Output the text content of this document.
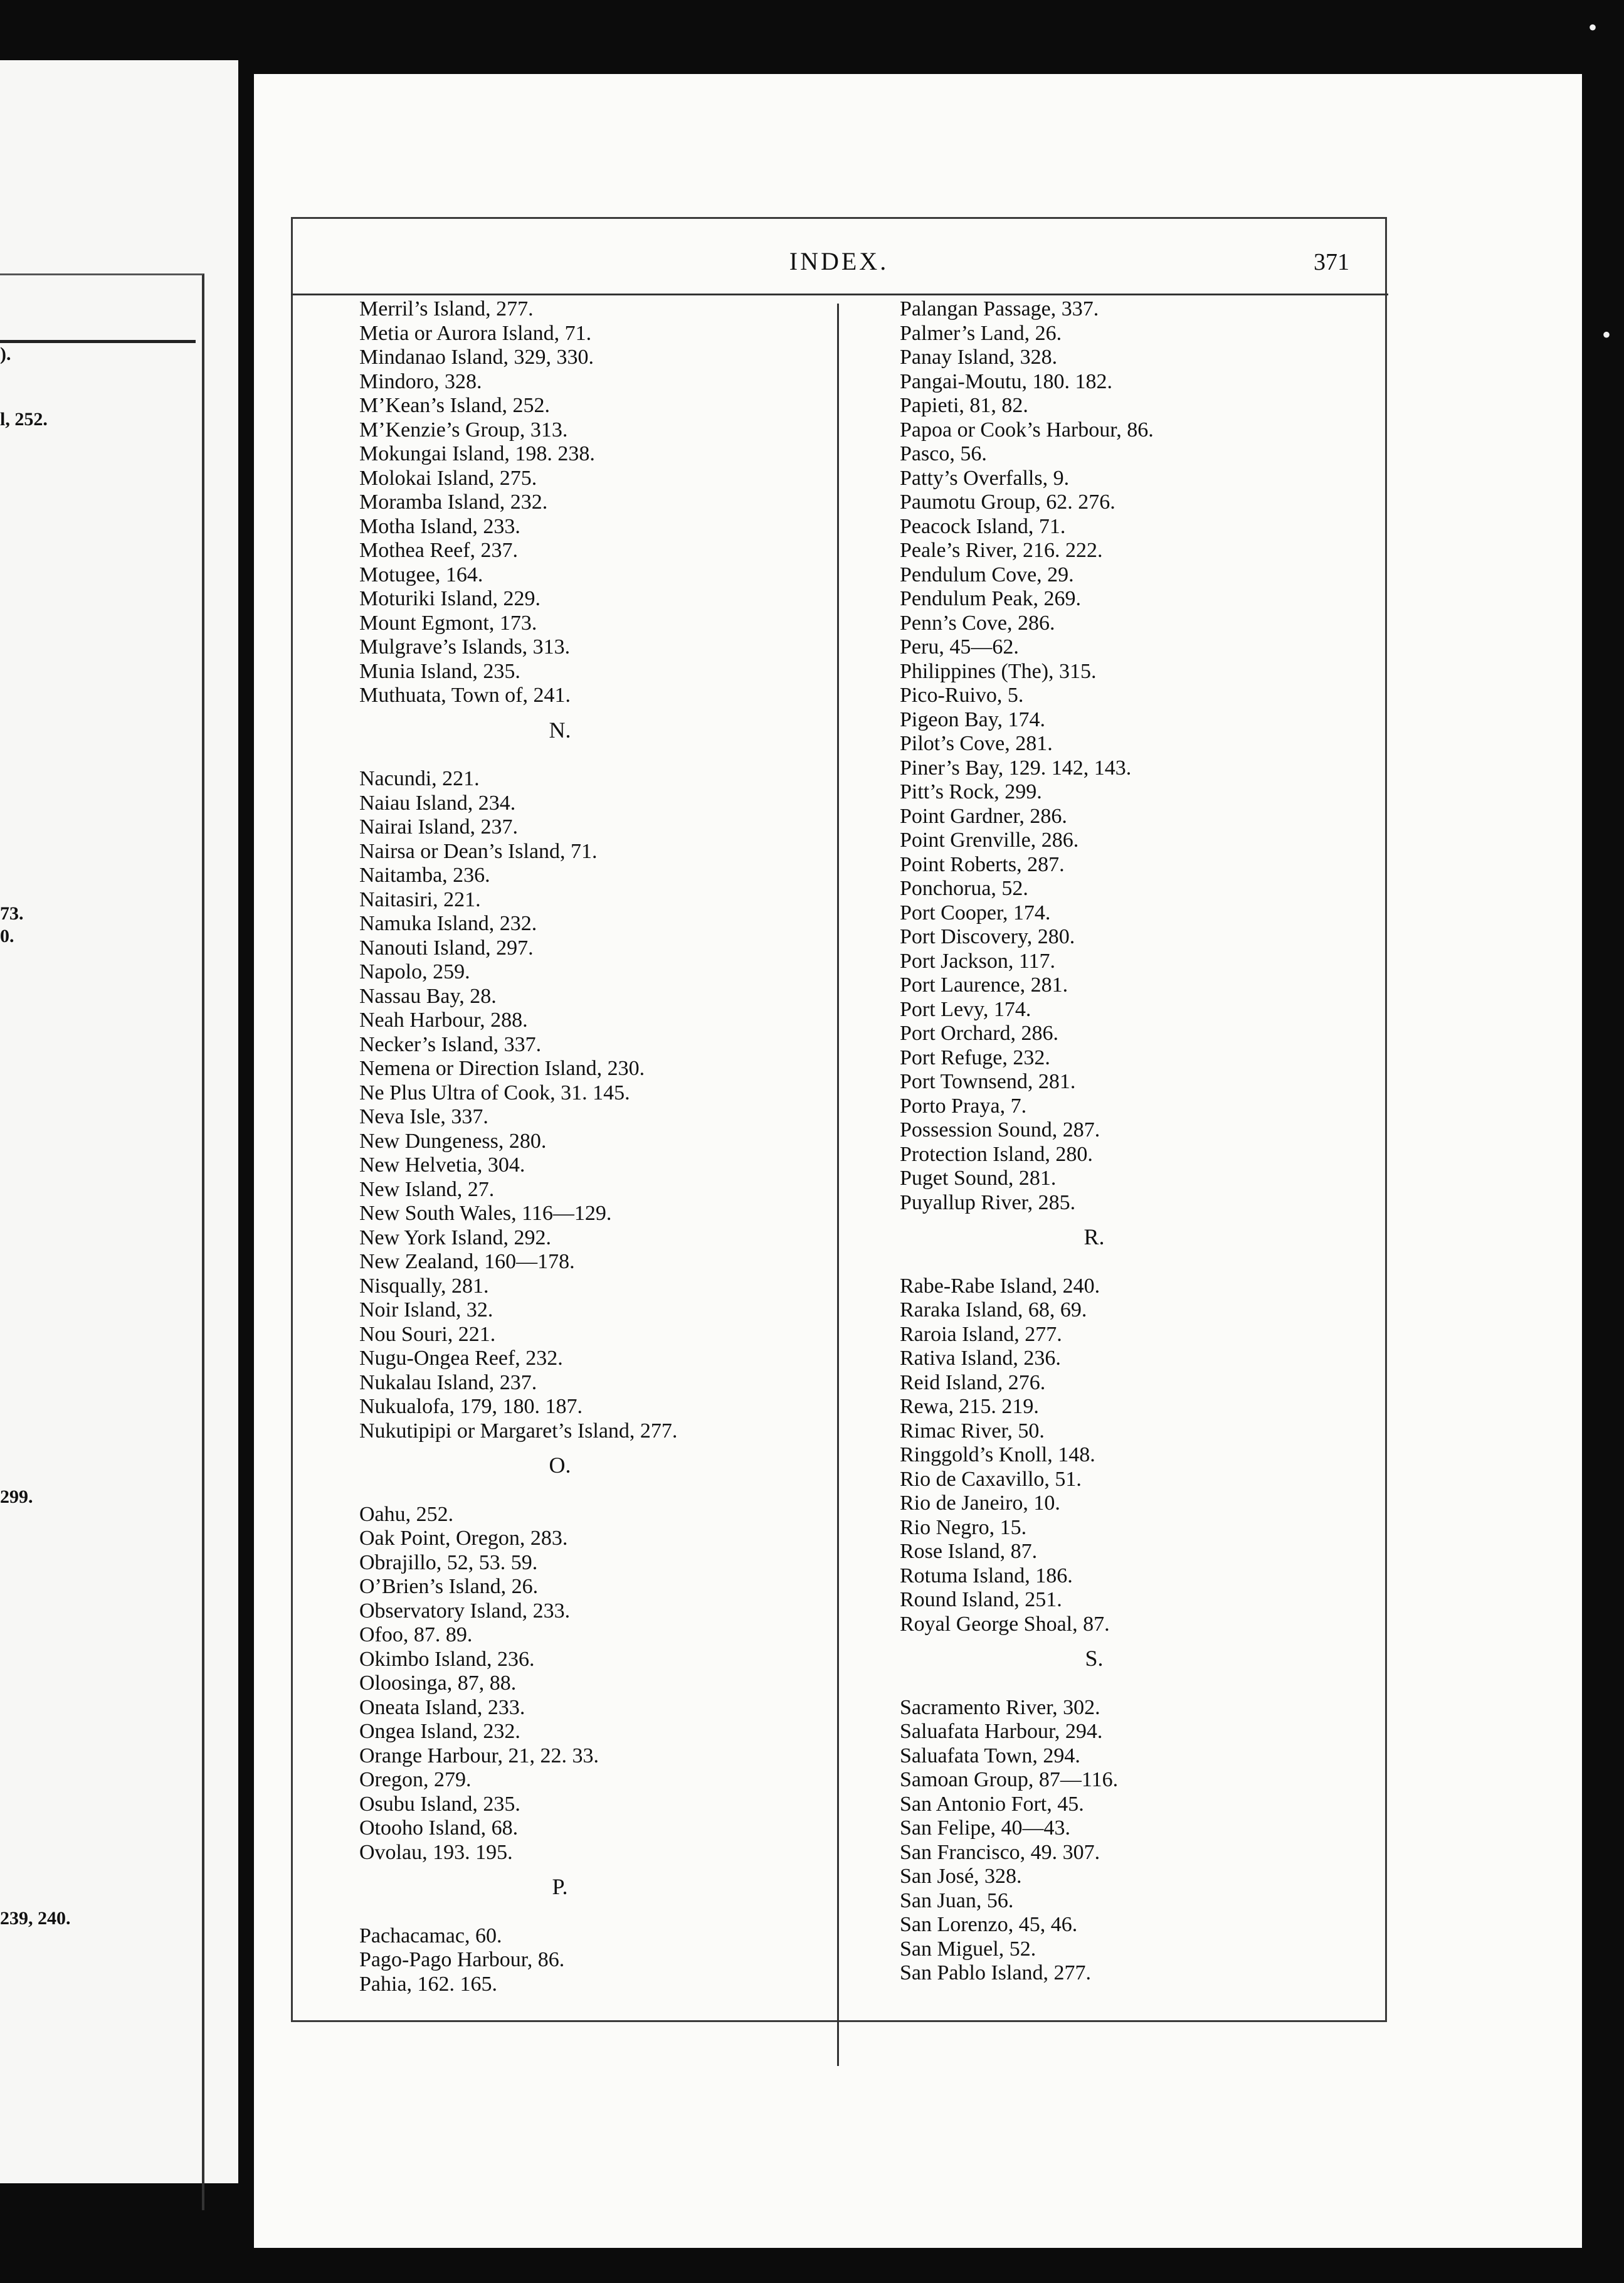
).
l, 252.
73.
0.
299.
239, 240.
INDEX.	371
Merril’s Island, 277.
Metia or Aurora Island, 71.
Mindanao Island, 329, 330.
Mindoro, 328.
M’Kean’s Island, 252.
M’Kenzie’s Group, 313.
Mokungai Island, 198. 238.
Molokai Island, 275.
Moramba Island, 232.
Motha Island, 233.
Mothea Reef, 237.
Motugee, 164.
Moturiki Island, 229.
Mount Egmont, 173.
Mulgrave’s Islands, 313.
Munia Island, 235.
Muthuata, Town of, 241.
N.
Nacundi, 221.
Naiau Island, 234.
Nairai Island, 237.
Nairsa or Dean’s Island, 71.
Naitamba, 236.
Naitasiri, 221.
Namuka Island, 232.
Nanouti Island, 297.
Napolo, 259.
Nassau Bay, 28.
Neah Harbour, 288.
Necker’s Island, 337.
Nemena or Direction Island, 230.
Ne Plus Ultra of Cook, 31. 145.
Neva Isle, 337.
New Dungeness, 280.
New Helvetia, 304.
New Island, 27.
New South Wales, 116—129.
New York Island, 292.
New Zealand, 160—178.
Nisqually, 281.
Noir Island, 32.
Nou Souri, 221.
Nugu-Ongea Reef, 232.
Nukalau Island, 237.
Nukualofa, 179, 180. 187.
Nukutipipi or Margaret’s Island, 277.
O.
Oahu, 252.
Oak Point, Oregon, 283.
Obrajillo, 52, 53. 59.
O’Brien’s Island, 26.
Observatory Island, 233.
Ofoo, 87. 89.
Okimbo Island, 236.
Oloosinga, 87, 88.
Oneata Island, 233.
Ongea Island, 232.
Orange Harbour, 21, 22. 33.
Oregon, 279.
Osubu Island, 235.
Otooho Island, 68.
Ovolau, 193. 195.
P.
Pachacamac, 60.
Pago-Pago Harbour, 86.
Pahia, 162. 165.
Palangan Passage, 337.
Palmer’s Land, 26.
Panay Island, 328.
Pangai-Moutu, 180. 182.
Papieti, 81, 82.
Papoa or Cook’s Harbour, 86.
Pasco, 56.
Patty’s Overfalls, 9.
Paumotu Group, 62. 276.
Peacock Island, 71.
Peale’s River, 216. 222.
Pendulum Cove, 29.
Pendulum Peak, 269.
Penn’s Cove, 286.
Peru, 45—62.
Philippines (The), 315.
Pico-Ruivo, 5.
Pigeon Bay, 174.
Pilot’s Cove, 281.
Piner’s Bay, 129. 142, 143.
Pitt’s Rock, 299.
Point Gardner, 286.
Point Grenville, 286.
Point Roberts, 287.
Ponchorua, 52.
Port Cooper, 174.
Port Discovery, 280.
Port Jackson, 117.
Port Laurence, 281.
Port Levy, 174.
Port Orchard, 286.
Port Refuge, 232.
Port Townsend, 281.
Porto Praya, 7.
Possession Sound, 287.
Protection Island, 280.
Puget Sound, 281.
Puyallup River, 285.
R.
Rabe-Rabe Island, 240.
Raraka Island, 68, 69.
Raroia Island, 277.
Rativa Island, 236.
Reid Island, 276.
Rewa, 215. 219.
Rimac River, 50.
Ringgold’s Knoll, 148.
Rio de Caxavillo, 51.
Rio de Janeiro, 10.
Rio Negro, 15.
Rose Island, 87.
Rotuma Island, 186.
Round Island, 251.
Royal George Shoal, 87.
S.
Sacramento River, 302.
Saluafata Harbour, 294.
Saluafata Town, 294.
Samoan Group, 87—116.
San Antonio Fort, 45.
San Felipe, 40—43.
San Francisco, 49. 307.
San José, 328.
San Juan, 56.
San Lorenzo, 45, 46.
San Miguel, 52.
San Pablo Island, 277.
•
•
